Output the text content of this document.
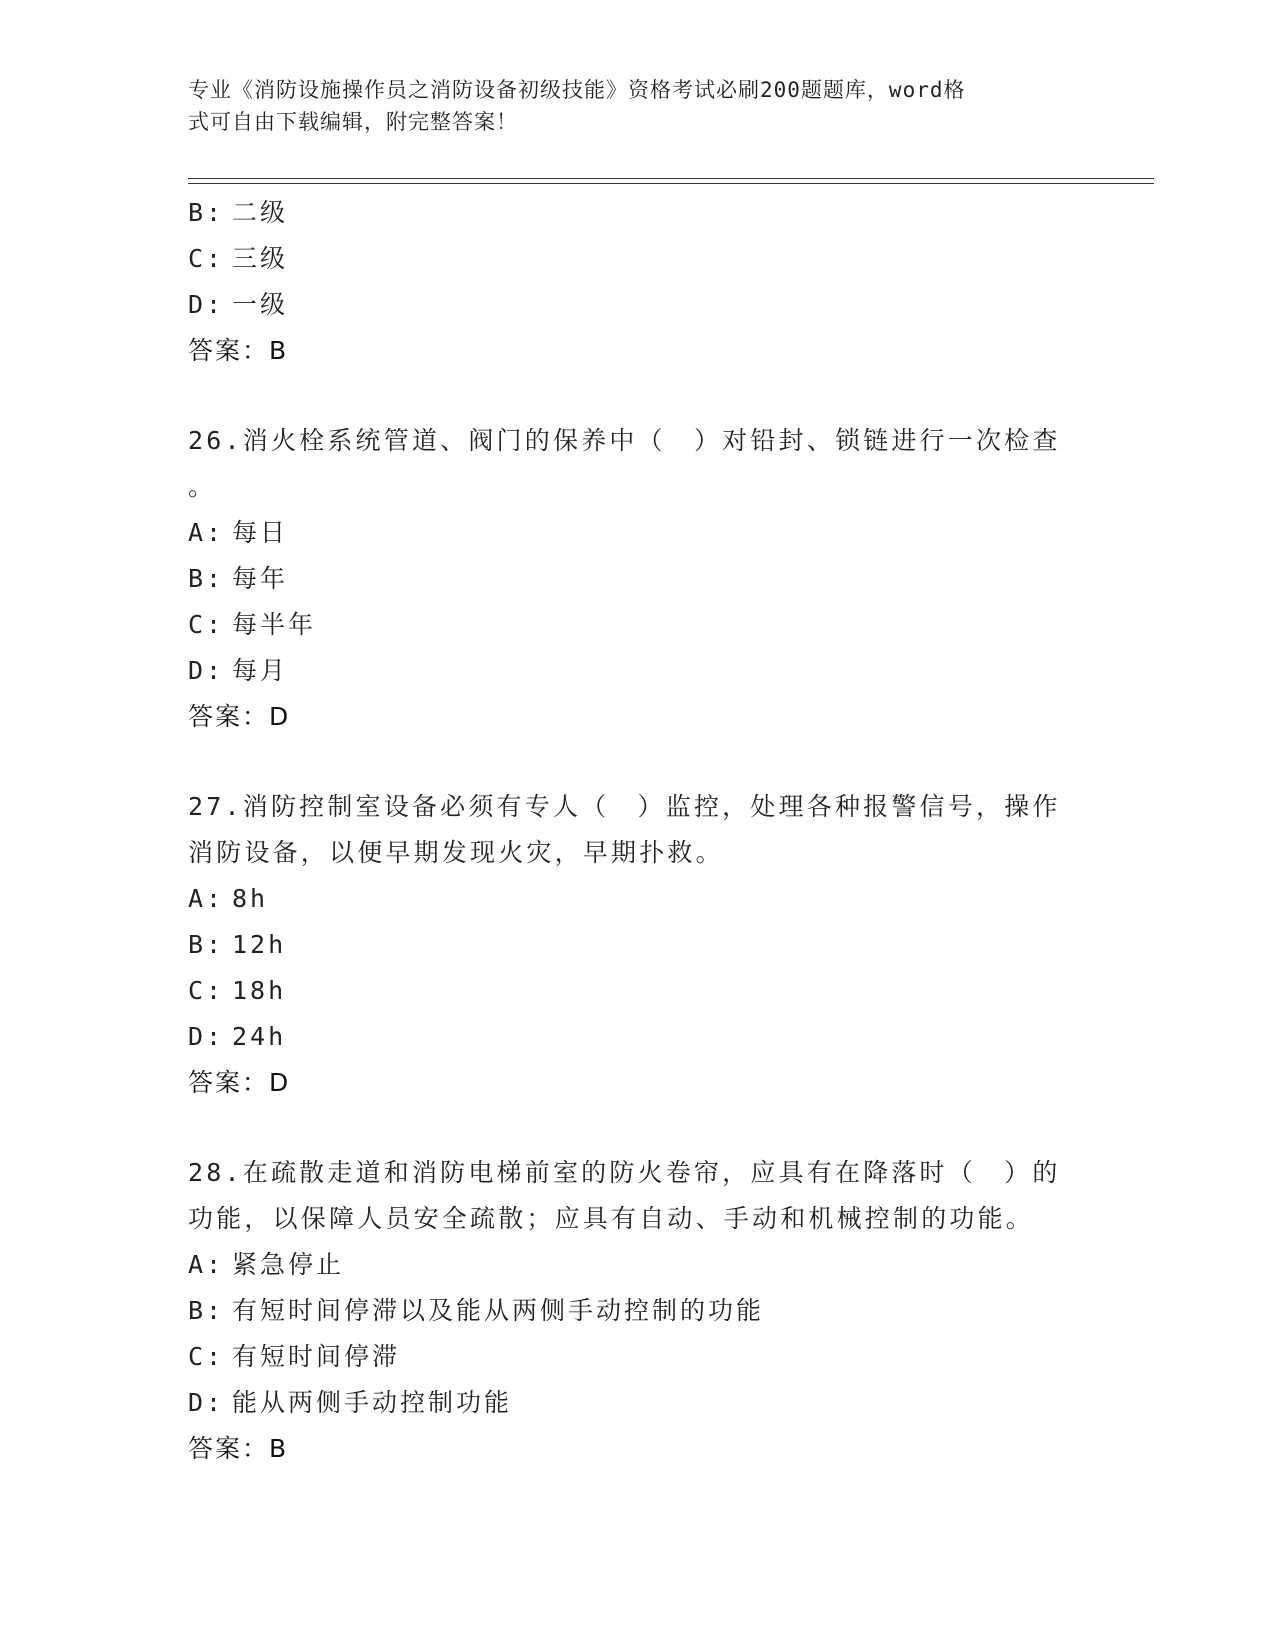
专业《消防设施操作员之消防设备初级技能》资格考试必刷200题题库，word格
式可自由下载编辑，附完整答案！
B: 二级
C: 三级
D: 一级
答案：B
26.消火栓系统管道、阀门的保养中（　）对铅封、锁链进行一次检查
。
A: 每日
B: 每年
C: 每半年
D: 每月
答案：D
27.消防控制室设备必须有专人（　）监控，处理各种报警信号，操作
消防设备，以便早期发现火灾，早期扑救。
A: 8h
B: 12h
C: 18h
D: 24h
答案：D
28.在疏散走道和消防电梯前室的防火卷帘，应具有在降落时（　）的
功能，以保障人员安全疏散；应具有自动、手动和机械控制的功能。
A: 紧急停止
B: 有短时间停滞以及能从两侧手动控制的功能
C: 有短时间停滞
D: 能从两侧手动控制功能
答案：B
